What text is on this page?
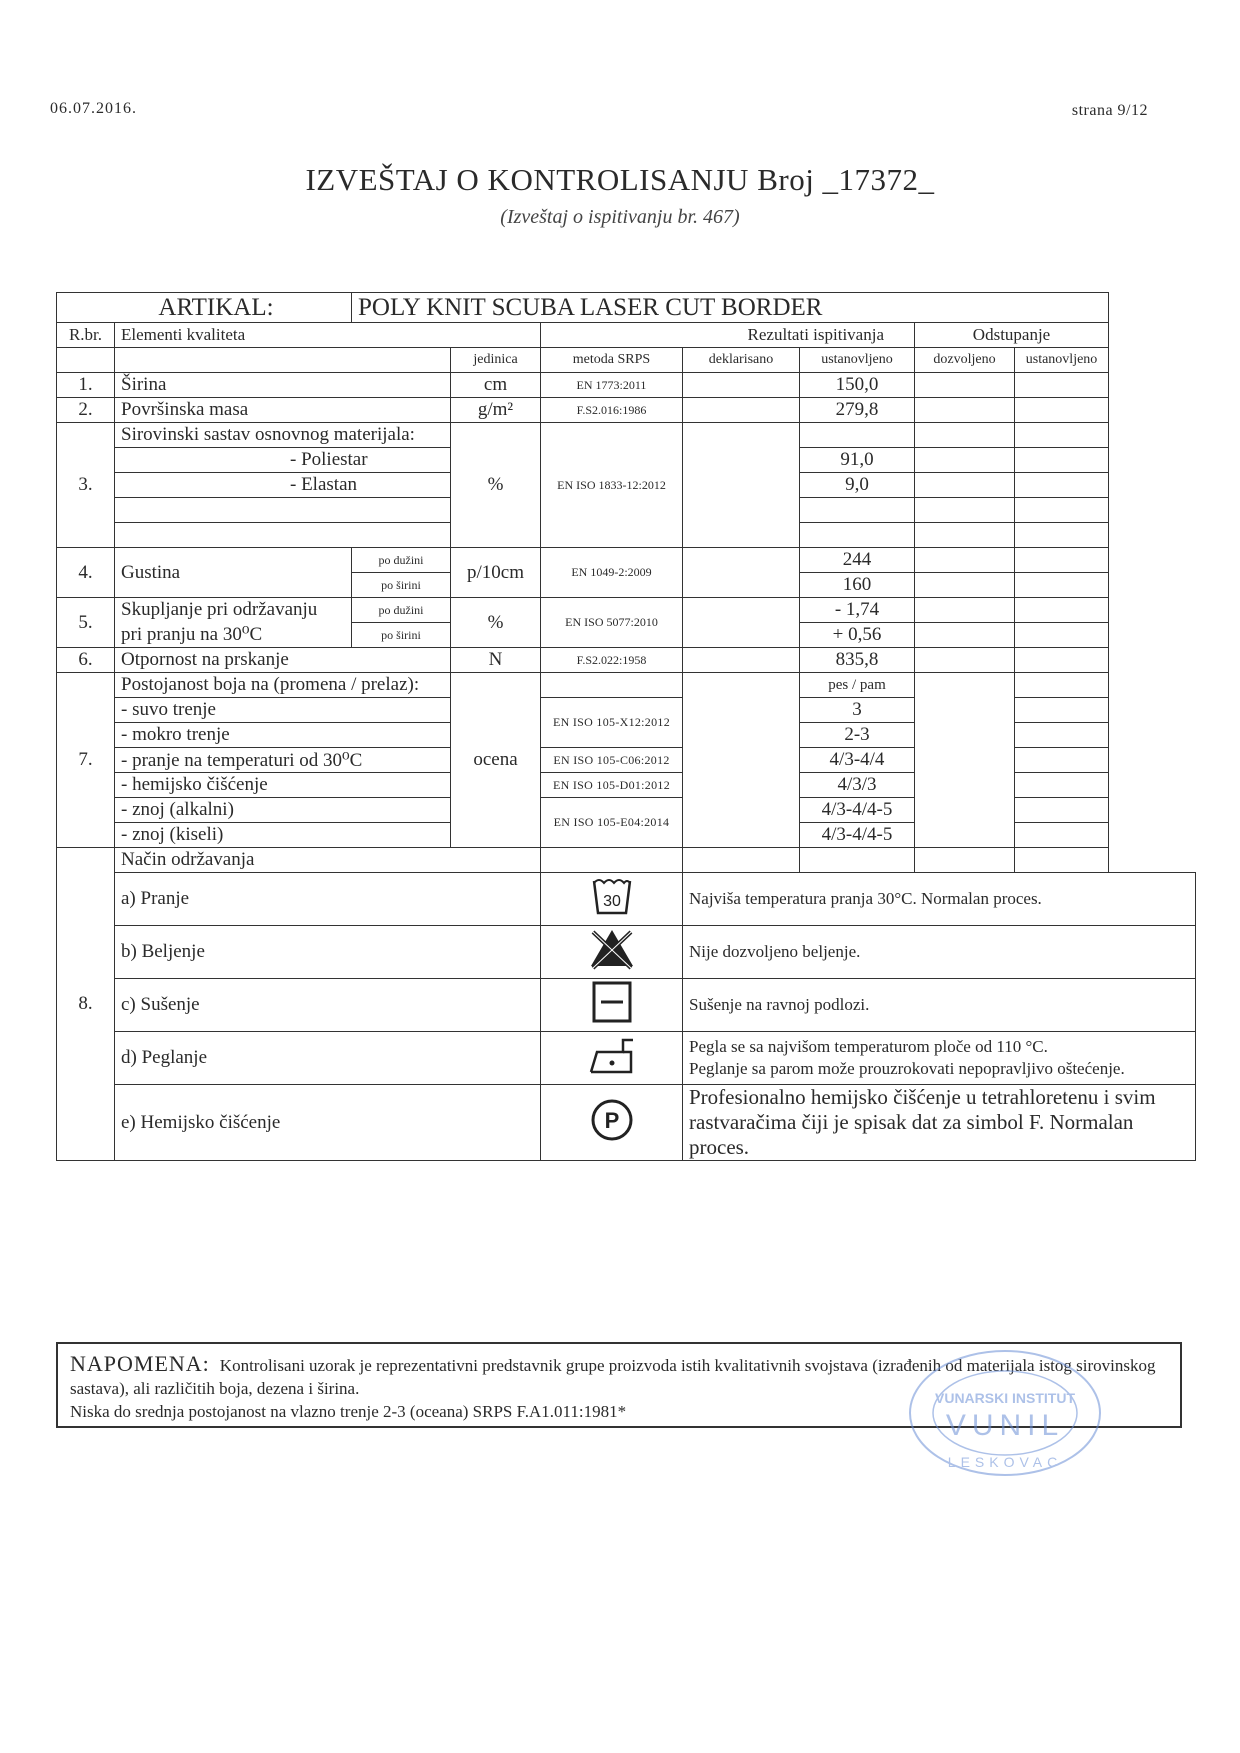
06.07.2016.	strana 9/12
IZVEŠTAJ O KONTROLISANJU Broj _17372_
(Izveštaj o ispitivanju br. 467)
ARTIKAL:		POLY KNIT SCUBA LASER CUT BORDER						
R.br.	Elementi kvaliteta			Rezultati ispitivanja			Odstupanje	
			jedinica	metoda SRPS	deklarisano	ustanovljeno	dozvoljeno	ustanovljeno
1.	Širina		cm	EN 1773:2011		150,0		
2.	Površinska masa		g/m²	F.S2.016:1986		279,8		
3.	Sirovinski sastav osnovnog materijala:		%	EN ISO 1833-12:2012				
	- Poliestar					91,0		
	- Elastan					9,0		

4.	Gustina	po dužini	p/10cm	EN 1049-2:2009		244		
		po širini				160		
5.	Skupljanje pri održavanju	po dužini	%	EN ISO 5077:2010		- 1,74		
	pri pranju na 30⁰C	po širini				+ 0,56		
6.	Otpornost na prskanje		N	F.S2.022:1958		835,8		
7.	Postojanost boja na (promena / prelaz):		ocena			pes / pam		
	- suvo trenje			EN ISO 105-X12:2012		3		
	- mokro trenje					2-3		
	- pranje na temperaturi od 30⁰C			EN ISO 105-C06:2012		4/3-4/4		
	- hemijsko čišćenje			EN ISO 105-D01:2012		4/3/3		
	- znoj (alkalni)			EN ISO 105-E04:2014		4/3-4/4-5		
	- znoj (kiseli)					4/3-4/4-5		
8.	Način održavanja							
	a) Pranje			30	Najviša temperatura pranja 30°C. Normalan proces.			
	b) Beljenje				Nije dozvoljeno beljenje.			
	c) Sušenje				Sušenje na ravnoj podlozi.			
	d) Peglanje				Pegla se sa najvišom temperaturom ploče od 110 °C.
Peglanje sa parom može prouzrokovati nepopravljivo oštećenje.			

	e) Hemijsko čišćenje			P	Profesionalno hemijsko čišćenje u tetrahloretenu i svim rastvaračima čiji je spisak dat za simbol F. Normalan proces.			
NAPOMENA: Kontrolisani uzorak je reprezentativni predstavnik grupe proizvoda istih kvalitativnih svojstava (izrađenih od materijala istog sirovinskog sastava), ali različitih boja, dezena i širina.
Niska do srednja postojanost na vlazno trenje 2-3 (oceana) SRPS F.A1.011:1981*
VUNARSKI INSTITUT
VUNIL
LESKOVAC
